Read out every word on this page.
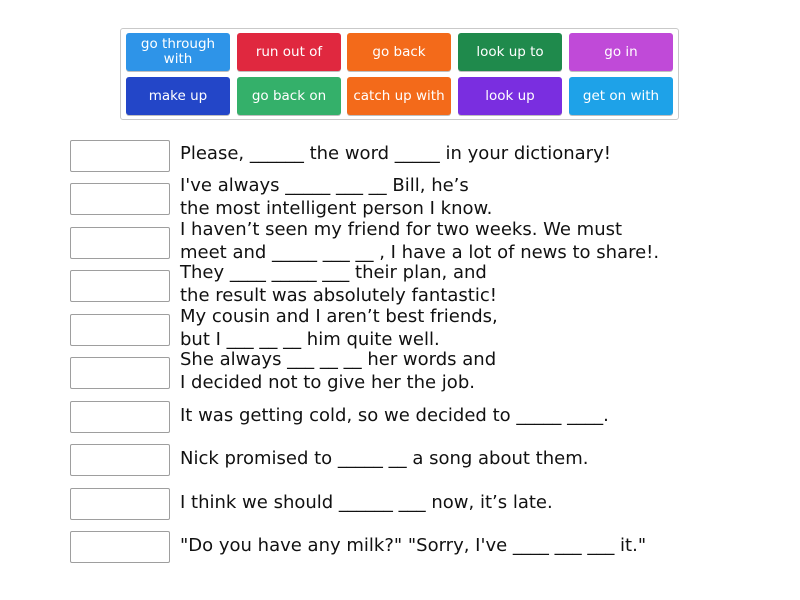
go through with	run out of	go back	look up to	go in
make up	go back on	catch up with	look up	get on with
Please, ______ the word _____ in your dictionary!
I've always _____ ___ __ Bill, he’s
the most intelligent person I know.
I haven’t seen my friend for two weeks. We must
meet and _____ ___ __ , I have a lot of news to share!.
They ____ _____ ___ their plan, and
the result was absolutely fantastic!
My cousin and I aren’t best friends,
but I ___ __ __ him quite well.
She always ___ __ __ her words and
I decided not to give her the job.
It was getting cold, so we decided to _____ ____.
Nick promised to _____ __ a song about them.
I think we should ______ ___ now, it’s late.
"Do you have any milk?" "Sorry, I've ____ ___ ___ it."
